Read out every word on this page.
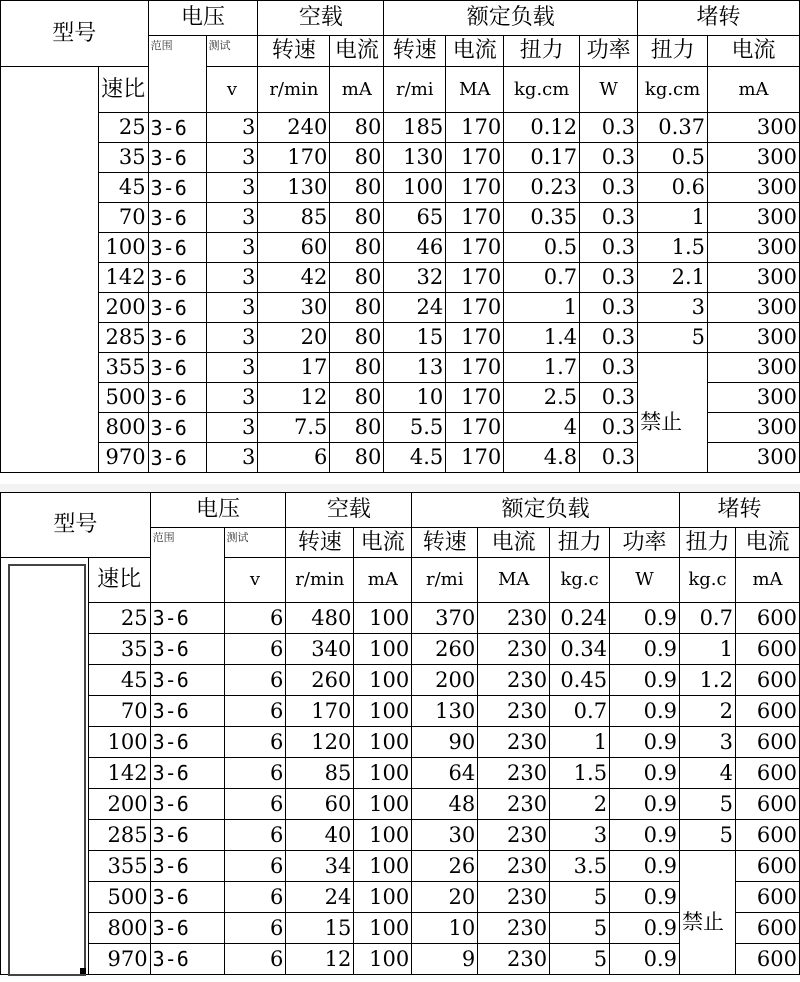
型号		电压		空载		额定负载				堵转	
		范围	测试	转速	电流	转速	电流	扭力	功率	扭力	电流
	速比		v	r/min	mA	r/mi	MA	kg.cm	W	kg.cm	mA
	25	3-6	3	240	80	185	170	0.12	0.3	0.37	300
	35	3-6	3	170	80	130	170	0.17	0.3	0.5	300
	45	3-6	3	130	80	100	170	0.23	0.3	0.6	300
	70	3-6	3	85	80	65	170	0.35	0.3	1	300
	100	3-6	3	60	80	46	170	0.5	0.3	1.5	300
	142	3-6	3	42	80	32	170	0.7	0.3	2.1	300
	200	3-6	3	30	80	24	170	1	0.3	3	300
	285	3-6	3	20	80	15	170	1.4	0.3	5	300
	355	3-6	3	17	80	13	170	1.7	0.3	禁止	300
	500	3-6	3	12	80	10	170	2.5	0.3		300
	800	3-6	3	7.5	80	5.5	170	4	0.3		300
	970	3-6	3	6	80	4.5	170	4.8	0.3		300
型号		电压		空载		额定负载				堵转	
		范围	测试	转速	电流	转速	电流	扭力	功率	扭力	电流
	速比		v	r/min	mA	r/mi	MA	kg.c	W	kg.c	mA
	25	3-6	6	480	100	370	230	0.24	0.9	0.7	600
	35	3-6	6	340	100	260	230	0.34	0.9	1	600
	45	3-6	6	260	100	200	230	0.45	0.9	1.2	600
	70	3-6	6	170	100	130	230	0.7	0.9	2	600
	100	3-6	6	120	100	90	230	1	0.9	3	600
	142	3-6	6	85	100	64	230	1.5	0.9	4	600
	200	3-6	6	60	100	48	230	2	0.9	5	600
	285	3-6	6	40	100	30	230	3	0.9	5	600
	355	3-6	6	34	100	26	230	3.5	0.9	禁止	600
	500	3-6	6	24	100	20	230	5	0.9		600
	800	3-6	6	15	100	10	230	5	0.9		600
	970	3-6	6	12	100	9	230	5	0.9		600
